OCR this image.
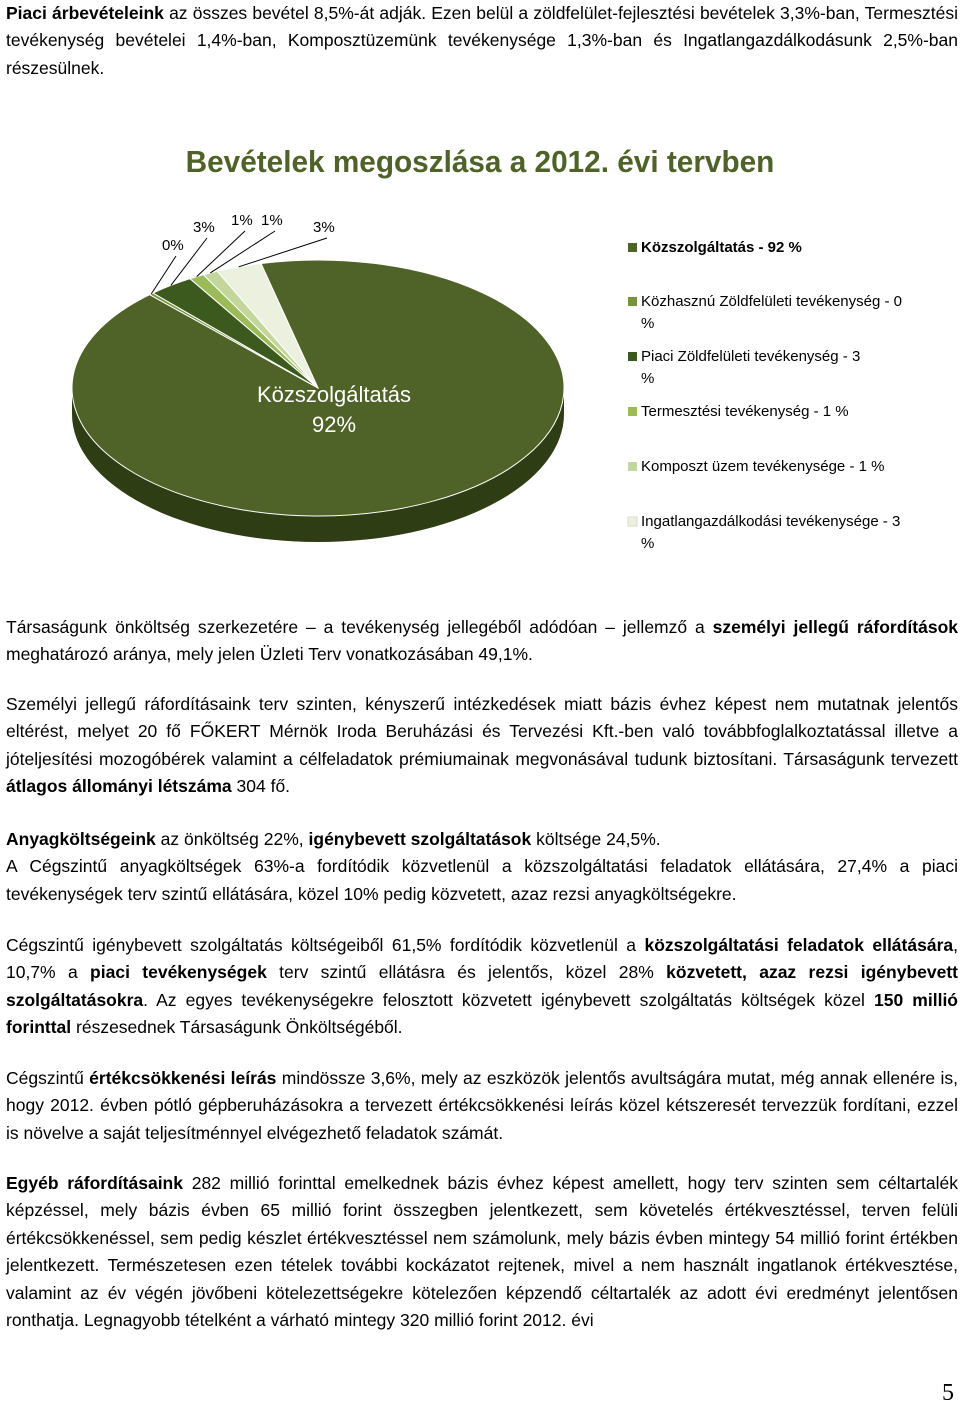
Piaci árbevételeink az összes bevétel 8,5%-át adják. Ezen belül a zöldfelület-fejlesztési bevételek 3,3%-ban, Termesztési tevékenység bevételei 1,4%-ban, Komposztüzemünk tevékenysége 1,3%-ban és Ingatlangazdálkodásunk 2,5%-ban részesülnek.

Bevételek megoszlása a 2012. évi tervben
0%
3% 1% 1% 3%
Közszolgáltatás
92%
Közszolgáltatás - 92 %
Közhasznú Zöldfelületi tevékenység - 0
%
Piaci Zöldfelületi tevékenység - 3
%
Termesztési tevékenység - 1 %
Komposzt üzem tevékenysége - 1 %
Ingatlangazdálkodási tevékenysége - 3
%

Társaságunk önköltség szerkezetére – a tevékenység jellegéből adódóan – jellemző a személyi jellegű ráfordítások meghatározó aránya, mely jelen Üzleti Terv vonatkozásában 49,1%.

Személyi jellegű ráfordításaink terv szinten, kényszerű intézkedések miatt bázis évhez képest nem mutatnak jelentős eltérést, melyet 20 fő FŐKERT Mérnök Iroda Beruházási és Tervezési Kft.-ben való továbbfoglalkoztatással illetve a jóteljesítési mozogóbérek valamint a célfeladatok prémiumainak megvonásával tudunk biztosítani. Társaságunk tervezett átlagos állományi létszáma 304 fő.

Anyagköltségeink az önköltség 22%, igénybevett szolgáltatások költsége 24,5%.
A Cégszintű anyagköltségek 63%-a fordítódik közvetlenül a közszolgáltatási feladatok ellátására, 27,4% a piaci tevékenységek terv szintű ellátására, közel 10% pedig közvetett, azaz rezsi anyagköltségekre.

Cégszintű igénybevett szolgáltatás költségeiből 61,5% fordítódik közvetlenül a közszolgáltatási feladatok ellátására, 10,7% a piaci tevékenységek terv szintű ellátásra és jelentős, közel 28% közvetett, azaz rezsi igénybevett szolgáltatásokra. Az egyes tevékenységekre felosztott közvetett igénybevett szolgáltatás költségek közel 150 millió forinttal részesednek Társaságunk Önköltségéből.

Cégszintű értékcsökkenési leírás mindössze 3,6%, mely az eszközök jelentős avultságára mutat, még annak ellenére is, hogy 2012. évben pótló gépberuházásokra a tervezett értékcsökkenési leírás közel kétszeresét tervezzük fordítani, ezzel is növelve a saját teljesítménnyel elvégezhető feladatok számát.

Egyéb ráfordításaink 282 millió forinttal emelkednek bázis évhez képest amellett, hogy terv szinten sem céltartalék képzéssel, mely bázis évben 65 millió forint összegben jelentkezett, sem követelés értékvesztéssel, terven felüli értékcsökkenéssel, sem pedig készlet értékvesztéssel nem számolunk, mely bázis évben mintegy 54 millió forint értékben jelentkezett. Természetesen ezen tételek további kockázatot rejtenek, mivel a nem használt ingatlanok értékvesztése, valamint az év végén jövőbeni kötelezettségekre kötelezően képzendő céltartalék az adott évi eredményt jelentősen ronthatja. Legnagyobb tételként a várható mintegy 320 millió forint 2012. évi

5
